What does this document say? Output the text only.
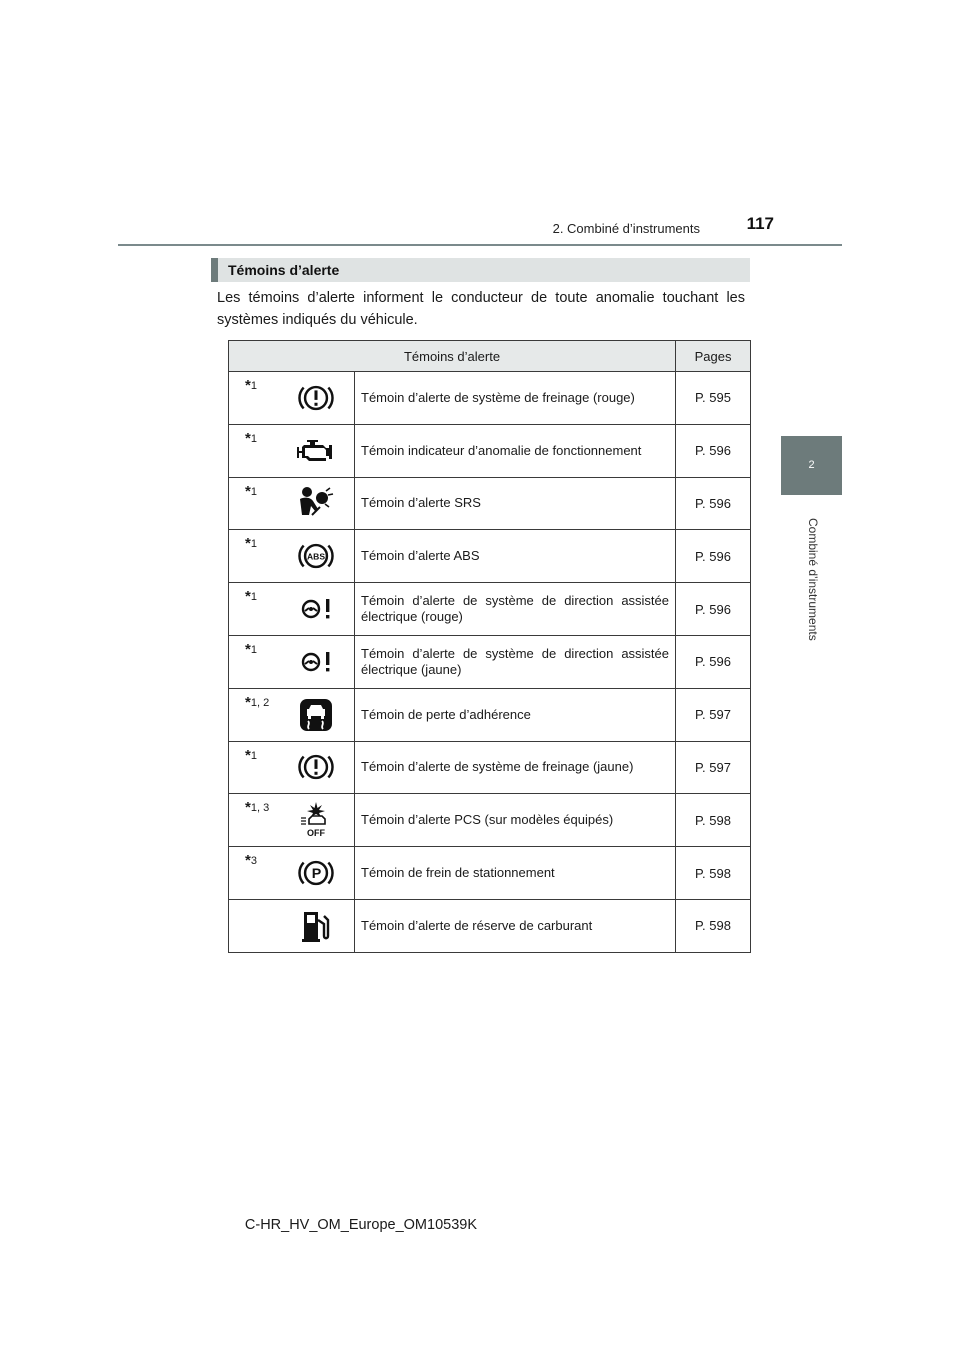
2. Combiné d’instruments	117
2
Combiné d’instruments
Témoins d’alerte
Les témoins d’alerte informent le conducteur de toute anomalie touchant les systèmes indiqués du véhicule.
Témoins d’alerte			Pages

*1		Témoin d’alerte de système de freinage (rouge)	P. 595

*1		Témoin indicateur d’anomalie de fonctionnement	P. 596

*1		Témoin d’alerte SRS	P. 596

*1	ABS	Témoin d’alerte ABS	P. 596

*1		Témoin d’alerte de système de direction assistée électrique (rouge)	P. 596

*1		Témoin d’alerte de système de direction assistée électrique (jaune)	P. 596

*1, 2		Témoin de perte d’adhérence	P. 597

*1		Témoin d’alerte de système de freinage (jaune)	P. 597

*1, 3	OFF	Témoin d’alerte PCS (sur modèles équipés)	P. 598

*3	P	Témoin de frein de stationnement	P. 598

		Témoin d’alerte de réserve de carburant	P. 598
C-HR_HV_OM_Europe_OM10539K
